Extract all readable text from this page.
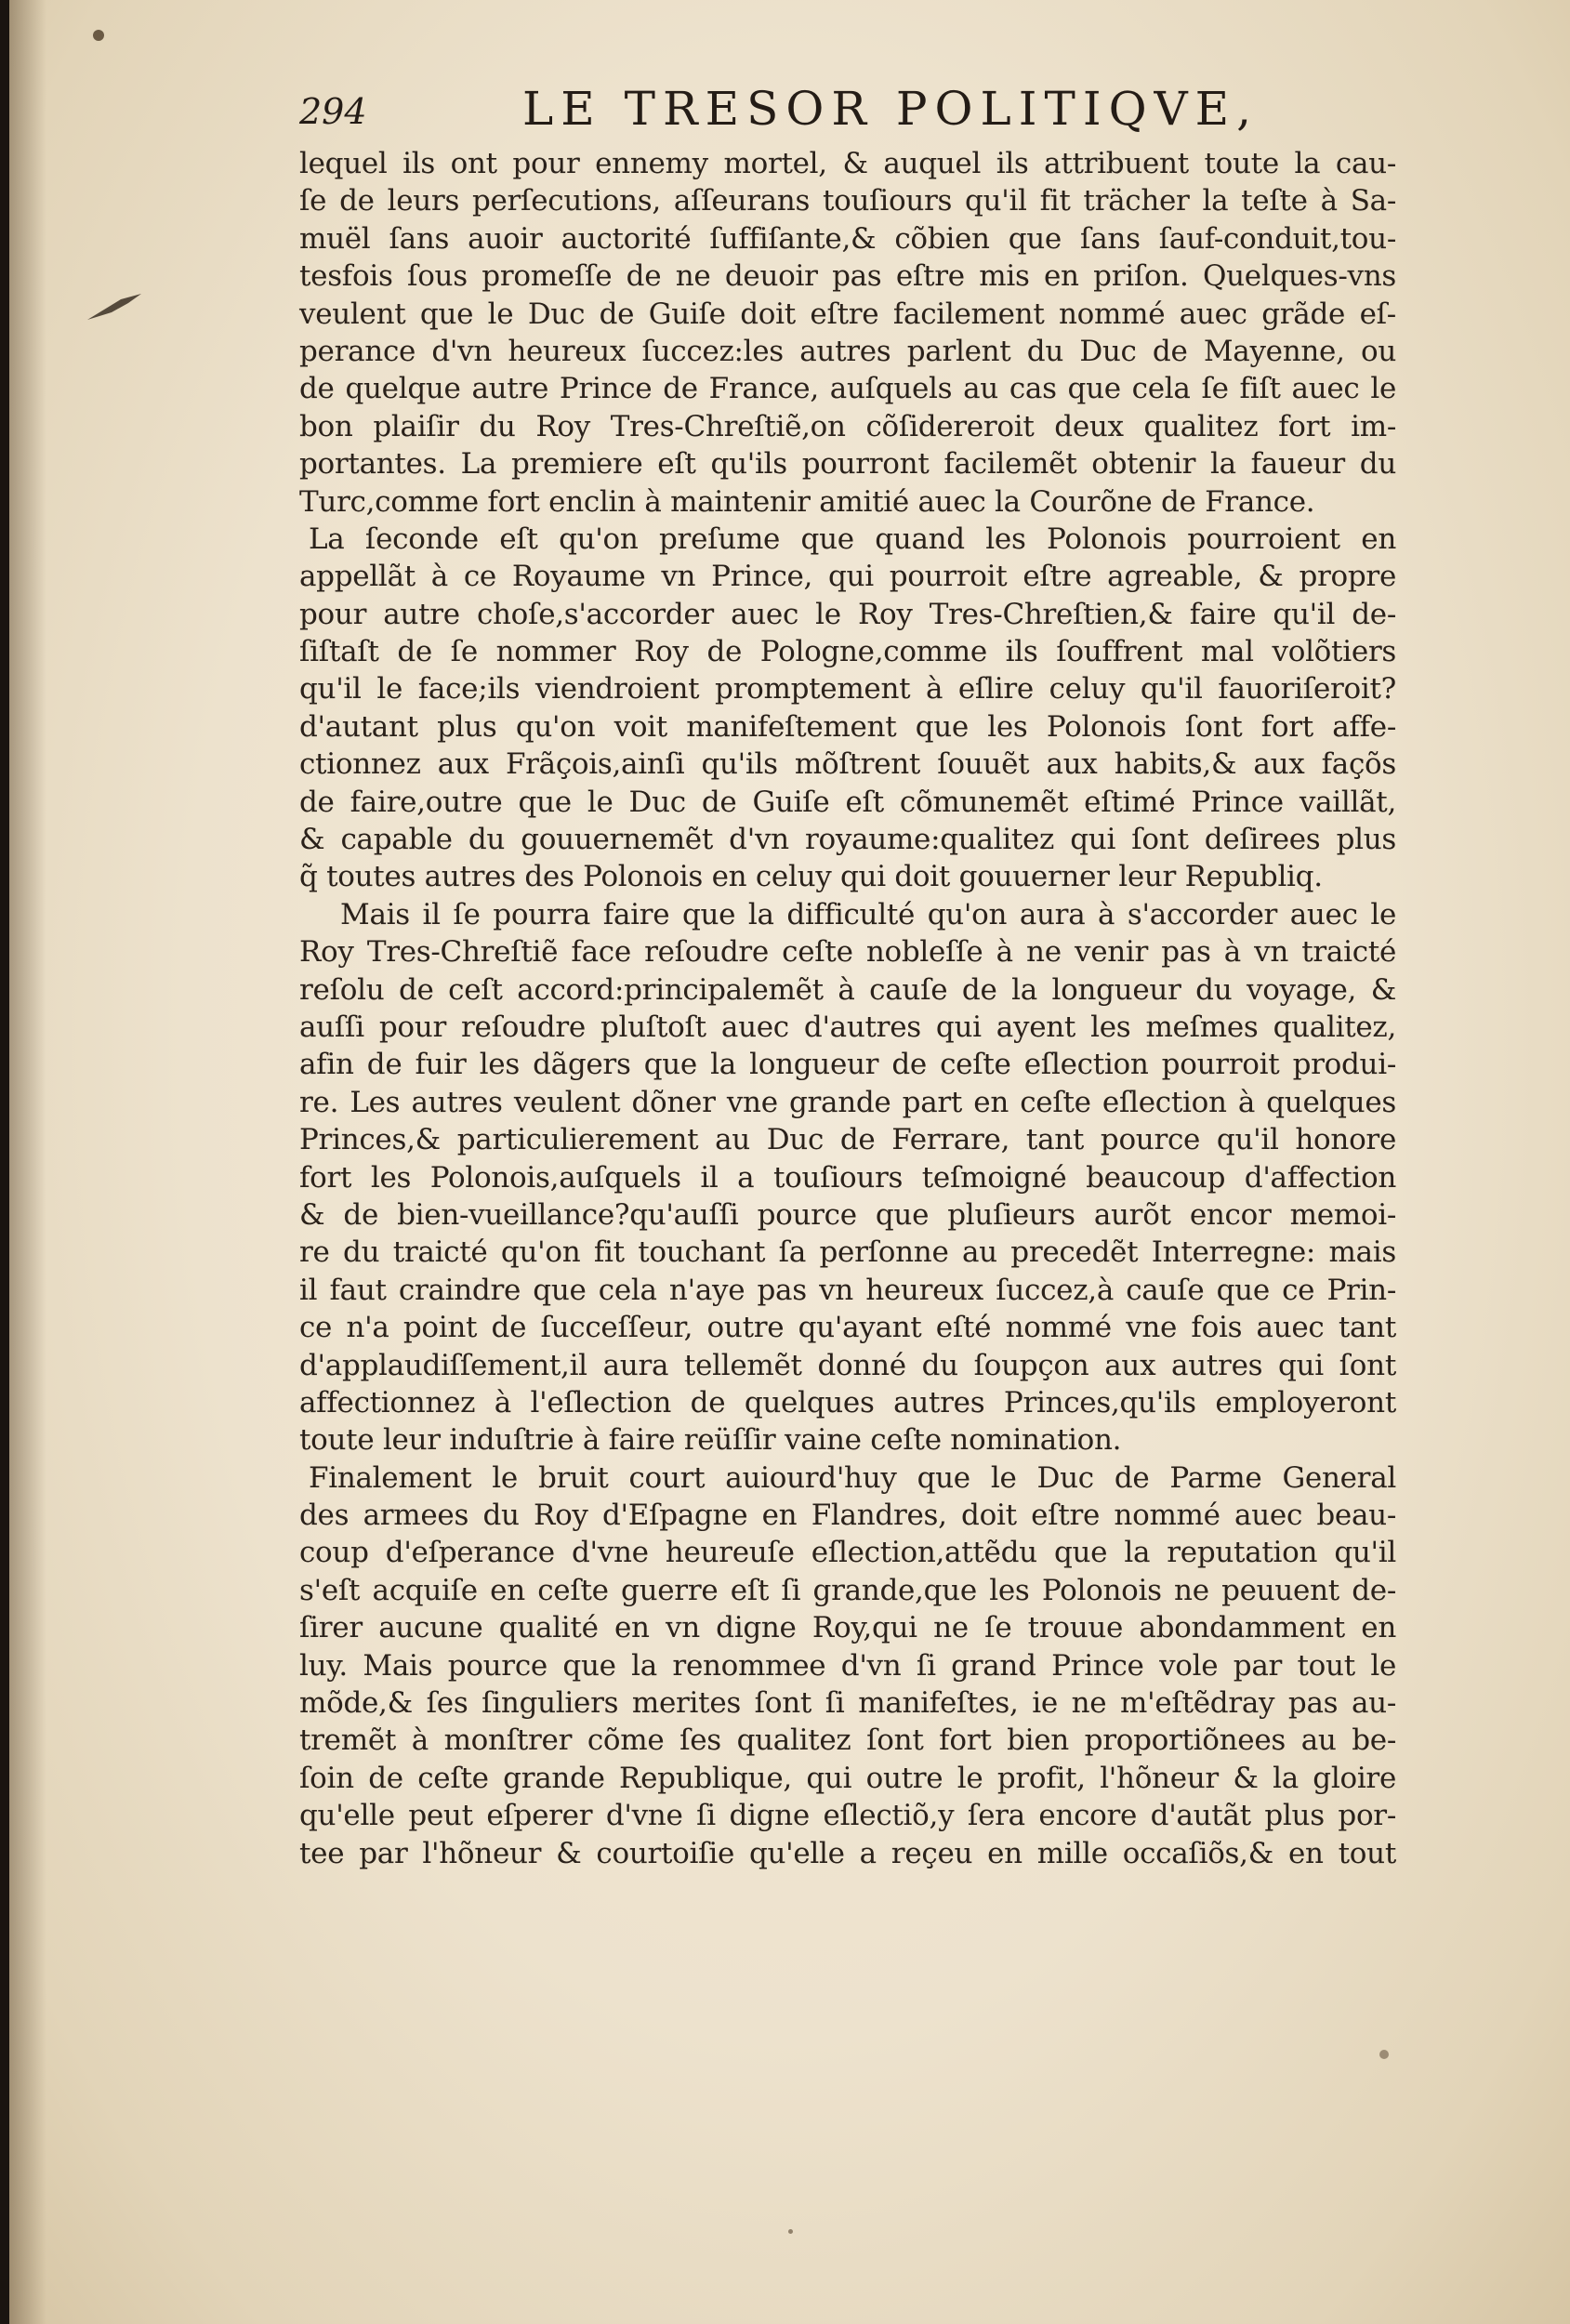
294	LE TRESOR POLITIQVE,
lequel ils ont pour ennemy mortel, & auquel ils attribuent toute la cau-
ſe de leurs perſecutions, aſſeurans touſiours qu'il fit trächer la teſte à Sa-
muël ſans auoir auctorité ſuffiſante,& cõbien que ſans ſauf-conduit,tou-
tesfois ſous promeſſe de ne deuoir pas eſtre mis en priſon. Quelques-vns
veulent que le Duc de Guiſe doit eſtre facilement nommé auec grãde eſ-
perance d'vn heureux ſuccez:les autres parlent du Duc de Mayenne, ou
de quelque autre Prince de France, auſquels au cas que cela ſe fiſt auec le
bon plaiſir du Roy Tres-Chreſtiẽ,on cõſidereroit deux qualitez fort im-
portantes. La premiere eſt qu'ils pourront facilemẽt obtenir la faueur du
Turc,comme fort enclin à maintenir amitié auec la Courõne de France.
La ſeconde eſt qu'on preſume que quand les Polonois pourroient en
appellãt à ce Royaume vn Prince, qui pourroit eſtre agreable, & propre
pour autre choſe,s'accorder auec le Roy Tres-Chreſtien,& faire qu'il de-
ſiſtaſt de ſe nommer Roy de Pologne,comme ils ſouffrent mal volõtiers
qu'il le face;ils viendroient promptement à eſlire celuy qu'il fauoriſeroit?
d'autant plus qu'on voit manifeſtement que les Polonois ſont fort affe-
ctionnez aux Frãçois,ainſi qu'ils mõſtrent ſouuẽt aux habits,& aux façõs
de faire,outre que le Duc de Guiſe eſt cõmunemẽt eſtimé Prince vaillãt,
& capable du gouuernemẽt d'vn royaume:qualitez qui ſont deſirees plus
q̃ toutes autres des Polonois en celuy qui doit gouuerner leur Republiq.
Mais il ſe pourra faire que la difficulté qu'on aura à s'accorder auec le
Roy Tres-Chreſtiẽ face reſoudre ceſte nobleſſe à ne venir pas à vn traicté
reſolu de ceſt accord:principalemẽt à cauſe de la longueur du voyage, &
auſſi pour reſoudre pluſtoſt auec d'autres qui ayent les meſmes qualitez,
afin de fuir les dãgers que la longueur de ceſte eſlection pourroit produi-
re. Les autres veulent dõner vne grande part en ceſte eſlection à quelques
Princes,& particulierement au Duc de Ferrare, tant pource qu'il honore
fort les Polonois,auſquels il a touſiours teſmoigné beaucoup d'affection
& de bien-vueillance?qu'auſſi pource que pluſieurs aurõt encor memoi-
re du traicté qu'on fit touchant ſa perſonne au precedẽt Interregne: mais
il faut craindre que cela n'aye pas vn heureux ſuccez,à cauſe que ce Prin-
ce n'a point de ſucceſſeur, outre qu'ayant eſté nommé vne fois auec tant
d'applaudiſſement,il aura tellemẽt donné du ſoupçon aux autres qui ſont
affectionnez à l'eſlection de quelques autres Princes,qu'ils employeront
toute leur induſtrie à faire reüſſir vaine ceſte nomination.
Finalement le bruit court auiourd'huy que le Duc de Parme General
des armees du Roy d'Eſpagne en Flandres, doit eſtre nommé auec beau-
coup d'eſperance d'vne heureuſe eſlection,attẽdu que la reputation qu'il
s'eſt acquiſe en ceſte guerre eſt ſi grande,que les Polonois ne peuuent de-
ſirer aucune qualité en vn digne Roy,qui ne ſe trouue abondamment en
luy. Mais pource que la renommee d'vn ſi grand Prince vole par tout le
mõde,& ſes ſinguliers merites ſont ſi manifeſtes, ie ne m'eſtẽdray pas au-
tremẽt à monſtrer cõme ſes qualitez ſont fort bien proportiõnees au be-
ſoin de ceſte grande Republique, qui outre le profit, l'hõneur & la gloire
qu'elle peut eſperer d'vne ſi digne eſlectiõ,y ſera encore d'autãt plus por-
tee par l'hõneur & courtoiſie qu'elle a reçeu en mille occaſiõs,& en tout
